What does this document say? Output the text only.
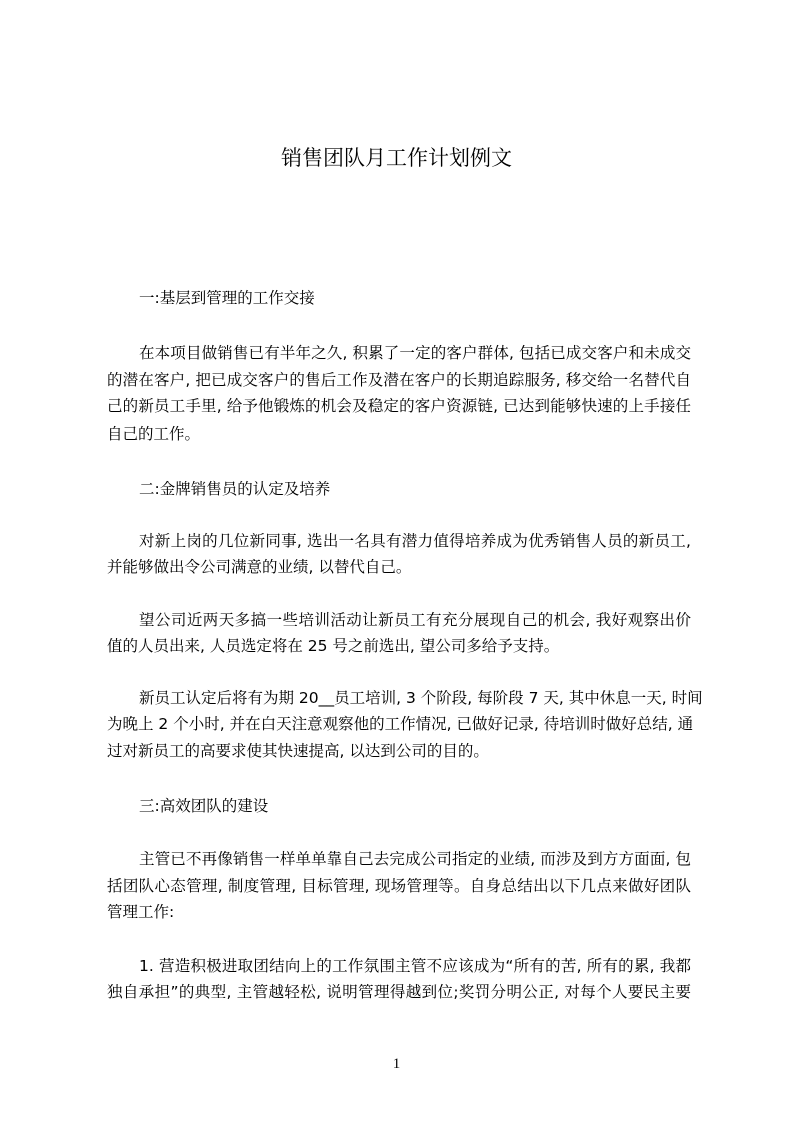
销售团队月工作计划例文
一:基层到管理的工作交接
在本项目做销售已有半年之久, 积累了一定的客户群体, 包括已成交客户和未成交
的潜在客户, 把已成交客户的售后工作及潜在客户的长期追踪服务, 移交给一名替代自
己的新员工手里, 给予他锻炼的机会及稳定的客户资源链, 已达到能够快速的上手接任
自己的工作。
二:金牌销售员的认定及培养
对新上岗的几位新同事, 选出一名具有潜力值得培养成为优秀销售人员的新员工,
并能够做出令公司满意的业绩, 以替代自己。
望公司近两天多搞一些培训活动让新员工有充分展现自己的机会, 我好观察出价
值的人员出来, 人员选定将在 25 号之前选出, 望公司多给予支持。
新员工认定后将有为期 20__员工培训, 3 个阶段, 每阶段 7 天, 其中休息一天, 时间
为晚上 2 个小时, 并在白天注意观察他的工作情况, 已做好记录, 待培训时做好总结, 通
过对新员工的高要求使其快速提高, 以达到公司的目的。
三:高效团队的建设
主管已不再像销售一样单单靠自己去完成公司指定的业绩, 而涉及到方方面面, 包
括团队心态管理, 制度管理, 目标管理, 现场管理等。自身总结出以下几点来做好团队
管理工作:
1. 营造积极进取团结向上的工作氛围主管不应该成为“所有的苦, 所有的累, 我都
独自承担”的典型, 主管越轻松, 说明管理得越到位;奖罚分明公正, 对每个人要民主要
1
